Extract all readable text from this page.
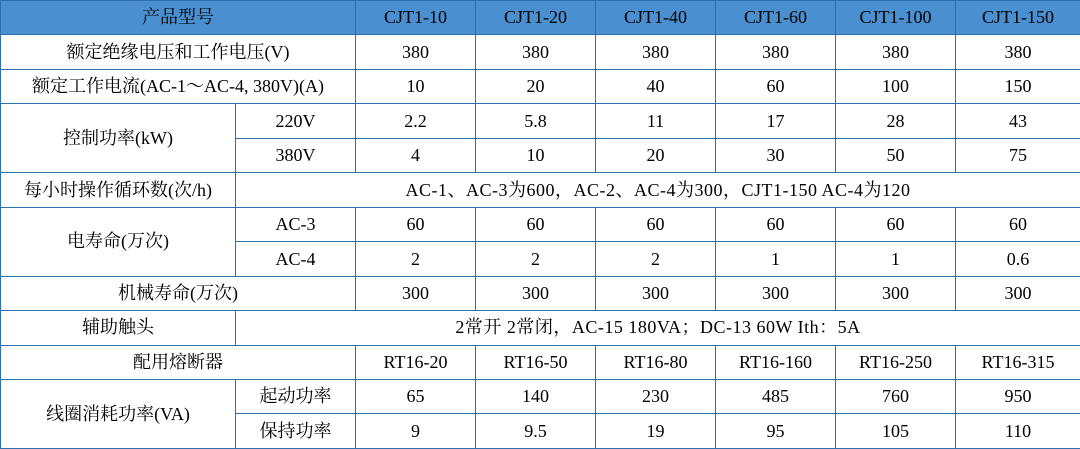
产品型号		CJT1-10	CJT1-20	CJT1-40	CJT1-60	CJT1-100	CJT1-150
额定绝缘电压和工作电压(V)		380	380	380	380	380	380
额定工作电流(AC-1～AC-4, 380V)(A)		10	20	40	60	100	150
控制功率(kW)	220V	2.2	5.8	11	17	28	43
	380V	4	10	20	30	50	75
每小时操作循环数(次/h)	AC-1、AC-3为600，AC-2、AC-4为300，CJT1-150 AC-4为120						
电寿命(万次)	AC-3	60	60	60	60	60	60
	AC-4	2	2	2	1	1	0.6
机械寿命(万次)		300	300	300	300	300	300
辅助触头	2常开 2常闭，AC-15 180VA；DC-13 60W Ith：5A						
配用熔断器		RT16-20	RT16-50	RT16-80	RT16-160	RT16-250	RT16-315
线圈消耗功率(VA)	起动功率	65	140	230	485	760	950
	保持功率	9	9.5	19	95	105	110
